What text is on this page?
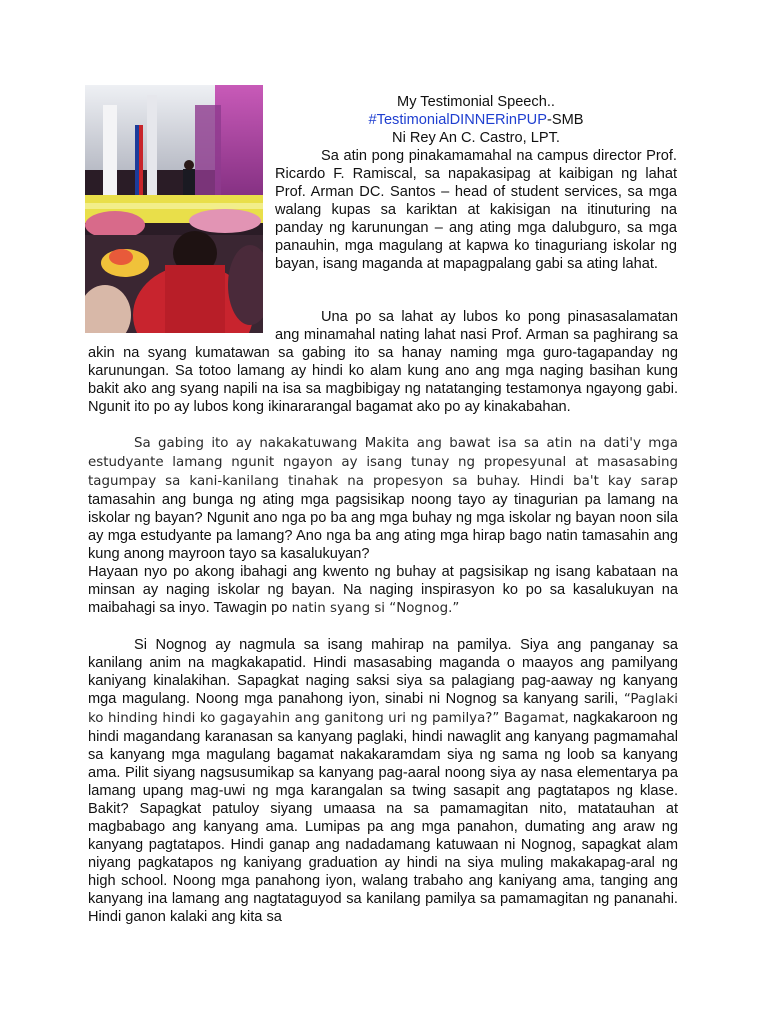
My Testimonial Speech..
#TestimonialDINNERinPUP-SMB
Ni Rey An C. Castro, LPT.

Sa atin pong pinakamamahal na campus director Prof. Ricardo F. Ramiscal, sa napakasipag at kaibigan ng lahat Prof. Arman DC. Santos – head of student services, sa mga walang kupas sa kariktan at kakisigan na itinuturing na panday ng karunungan – ang ating mga dalubguro, sa mga panauhin, mga magulang at kapwa ko tinaguriang iskolar ng bayan, isang maganda at mapagpalang gabi sa ating lahat.

Una po sa lahat ay lubos ko pong pinasasalamatan ang minamahal nating lahat nasi Prof. Arman sa paghirang sa akin na syang kumatawan sa gabing ito sa hanay naming mga guro-tagapanday ng karunungan. Sa totoo lamang ay hindi ko alam kung ano ang mga naging basihan kung bakit ako ang syang napili na isa sa magbibigay ng natatanging testamonya ngayong gabi. Ngunit ito po ay lubos kong ikinararangal bagamat ako po ay kinakabahan.

Sa gabing ito ay nakakatuwang Makita ang bawat isa sa atin na dati'y mga estudyante lamang ngunit ngayon ay isang tunay ng propesyunal at masasabing tagumpay sa kani-kanilang tinahak na propesyon sa buhay. Hindi ba't kay sarap tamasahin ang bunga ng ating mga pagsisikap noong tayo ay tinagurian pa lamang na iskolar ng bayan? Ngunit ano nga po ba ang mga buhay ng mga iskolar ng bayan noon sila ay mga estudyante pa lamang? Ano nga ba ang ating mga hirap bago natin tamasahin ang kung anong mayroon tayo sa kasalukuyan?

Hayaan nyo po akong ibahagi ang kwento ng buhay at pagsisikap ng isang kabataan na minsan ay naging iskolar ng bayan. Na naging inspirasyon ko po sa kasalukuyan na maibahagi sa inyo. Tawagin po natin syang si “Nognog.”

Si Nognog ay nagmula sa isang mahirap na pamilya. Siya ang panganay sa kanilang anim na magkakapatid. Hindi masasabing maganda o maayos ang pamilyang kaniyang kinalakihan. Sapagkat naging saksi siya sa palagiang pag-aaway ng kanyang mga magulang. Noong mga panahong iyon, sinabi ni Nognog sa kanyang sarili, “Paglaki ko hinding hindi ko gagayahin ang ganitong uri ng pamilya?” Bagamat, nagkakaroon ng hindi magandang karanasan sa kanyang paglaki, hindi nawaglit ang kanyang pagmamahal sa kanyang mga magulang bagamat nakakaramdam siya ng sama ng loob sa kanyang ama. Pilit siyang nagsusumikap sa kanyang pag-aaral noong siya ay nasa elementarya pa lamang upang mag-uwi ng mga karangalan sa twing sasapit ang pagtatapos ng klase. Bakit? Sapagkat patuloy siyang umaasa na sa pamamagitan nito, matatauhan at magbabago ang kanyang ama. Lumipas pa ang mga panahon, dumating ang araw ng kanyang pagtatapos. Hindi ganap ang nadadamang katuwaan ni Nognog, sapagkat alam niyang pagkatapos ng kaniyang graduation ay hindi na siya muling makakapag-aral ng high school. Noong mga panahong iyon, walang trabaho ang kaniyang ama, tanging ang kanyang ina lamang ang nagtataguyod sa kanilang pamilya sa pamamagitan ng pananahi. Hindi ganon kalaki ang kita sa
